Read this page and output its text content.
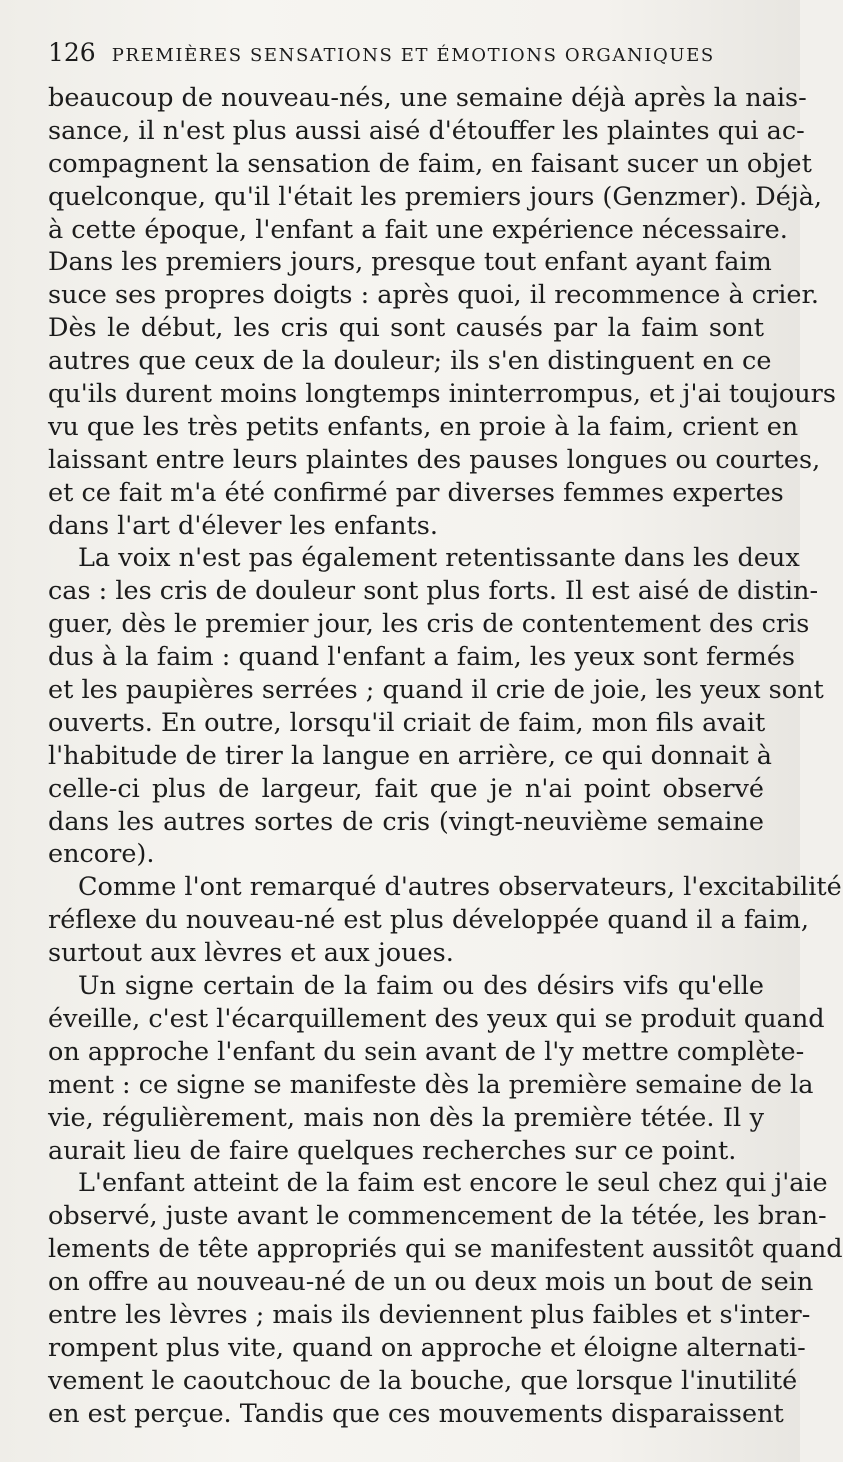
126 PREMIÈRES SENSATIONS ET ÉMOTIONS ORGANIQUES
beaucoup de nouveau-nés, une semaine déjà après la nais-
sance, il n'est plus aussi aisé d'étouffer les plaintes qui ac-
compagnent la sensation de faim, en faisant sucer un objet
quelconque, qu'il l'était les premiers jours (Genzmer). Déjà,
à cette époque, l'enfant a fait une expérience nécessaire.
Dans les premiers jours, presque tout enfant ayant faim
suce ses propres doigts : après quoi, il recommence à crier.
Dès le début, les cris qui sont causés par la faim sont
autres que ceux de la douleur; ils s'en distinguent en ce
qu'ils durent moins longtemps ininterrompus, et j'ai toujours
vu que les très petits enfants, en proie à la faim, crient en
laissant entre leurs plaintes des pauses longues ou courtes,
et ce fait m'a été confirmé par diverses femmes expertes
dans l'art d'élever les enfants.
La voix n'est pas également retentissante dans les deux
cas : les cris de douleur sont plus forts. Il est aisé de distin-
guer, dès le premier jour, les cris de contentement des cris
dus à la faim : quand l'enfant a faim, les yeux sont fermés
et les paupières serrées ; quand il crie de joie, les yeux sont
ouverts. En outre, lorsqu'il criait de faim, mon fils avait
l'habitude de tirer la langue en arrière, ce qui donnait à
celle-ci plus de largeur, fait que je n'ai point observé
dans les autres sortes de cris (vingt-neuvième semaine
encore).
Comme l'ont remarqué d'autres observateurs, l'excitabilité
réflexe du nouveau-né est plus développée quand il a faim,
surtout aux lèvres et aux joues.
Un signe certain de la faim ou des désirs vifs qu'elle
éveille, c'est l'écarquillement des yeux qui se produit quand
on approche l'enfant du sein avant de l'y mettre complète-
ment : ce signe se manifeste dès la première semaine de la
vie, régulièrement, mais non dès la première tétée. Il y
aurait lieu de faire quelques recherches sur ce point.
L'enfant atteint de la faim est encore le seul chez qui j'aie
observé, juste avant le commencement de la tétée, les bran-
lements de tête appropriés qui se manifestent aussitôt quand
on offre au nouveau-né de un ou deux mois un bout de sein
entre les lèvres ; mais ils deviennent plus faibles et s'inter-
rompent plus vite, quand on approche et éloigne alternati-
vement le caoutchouc de la bouche, que lorsque l'inutilité
en est perçue. Tandis que ces mouvements disparaissent
